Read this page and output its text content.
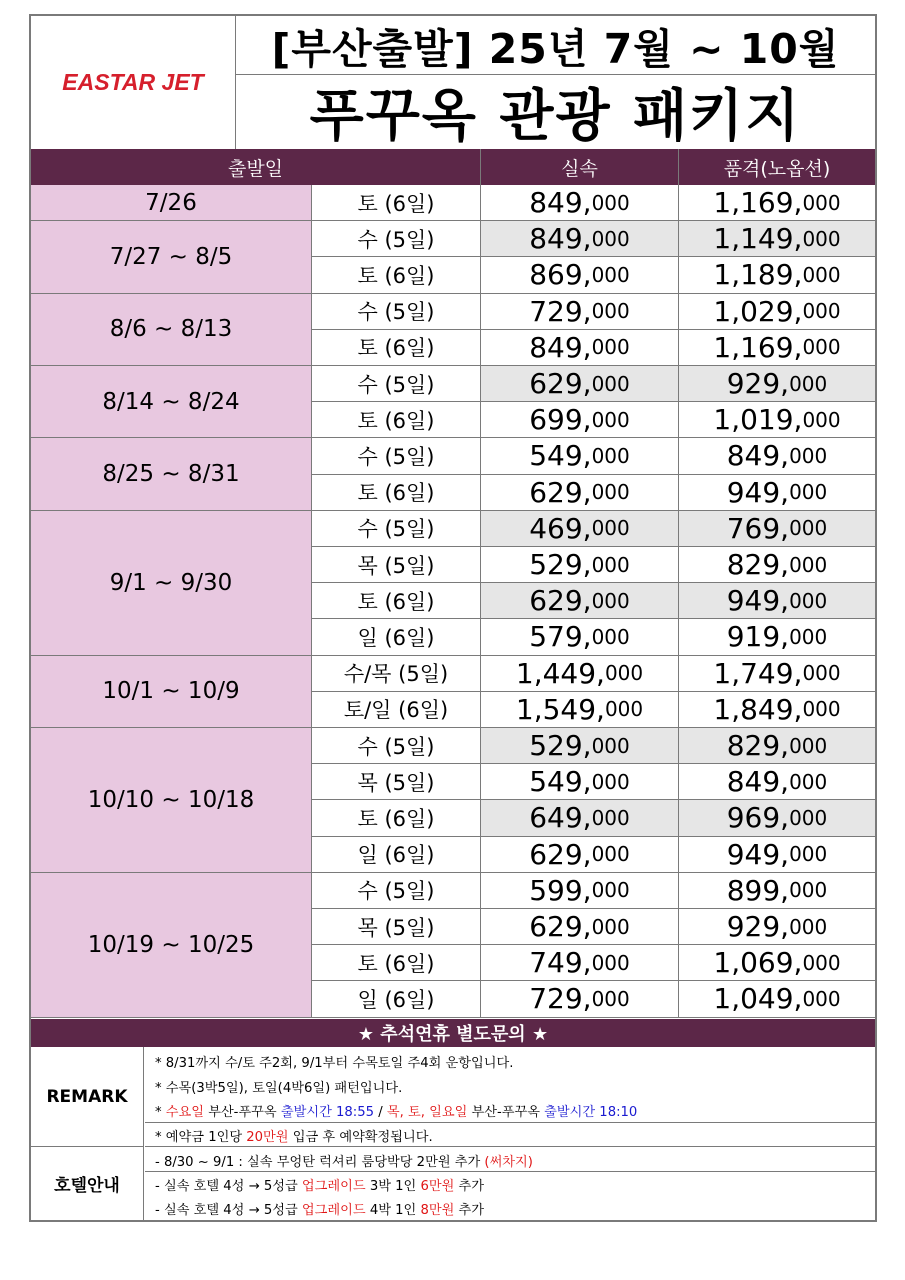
EASTAR JET
[부산출발] 25년 7월 ~ 10월
푸꾸옥 관광 패키지
출발일	실속	품격(노옵션)
7/26	토 (6일)	849, 000	1,169, 000
7/27 ~ 8/5
수 (5일)	849, 000	1,149, 000
토 (6일)	869, 000	1,189, 000
8/6 ~ 8/13
수 (5일)	729, 000	1,029, 000
토 (6일)	849, 000	1,169, 000
8/14 ~ 8/24
수 (5일)	629, 000	929, 000
토 (6일)	699, 000	1,019, 000
8/25 ~ 8/31
수 (5일)	549, 000	849, 000
토 (6일)	629, 000	949, 000
9/1 ~ 9/30
수 (5일)	469, 000	769, 000
목 (5일)	529, 000	829, 000
토 (6일)	629, 000	949, 000
일 (6일)	579, 000	919, 000
10/1 ~ 10/9
수/목 (5일)	1,449, 000	1,749, 000
토/일 (6일)	1,549, 000	1,849, 000
10/10 ~ 10/18
수 (5일)	529, 000	829, 000
목 (5일)	549, 000	849, 000
토 (6일)	649, 000	969, 000
일 (6일)	629, 000	949, 000
10/19 ~ 10/25
수 (5일)	599, 000	899, 000
목 (5일)	629, 000	929, 000
토 (6일)	749, 000	1,069, 000
일 (6일)	729, 000	1,049, 000
★ 추석연휴 별도문의 ★
REMARK
* 8/31까지 수/토 주2회, 9/1부터 수목토일 주4회 운항입니다.
* 수목(3박5일), 토일(4박6일) 패턴입니다.
* 수요일 부산-푸꾸옥 출발시간 18:55 / 목, 토, 일요일 부산-푸꾸옥 출발시간 18:10
* 예약금 1인당 20만원 입금 후 예약확정됩니다.
호텔안내
- 8/30 ~ 9/1 : 실속 무엉탄 럭셔리 룸당박당 2만원 추가 (써차지)
- 실속 호텔 4성 → 5성급 업그레이드 3박 1인 6만원 추가
- 실속 호텔 4성 → 5성급 업그레이드 4박 1인 8만원 추가
